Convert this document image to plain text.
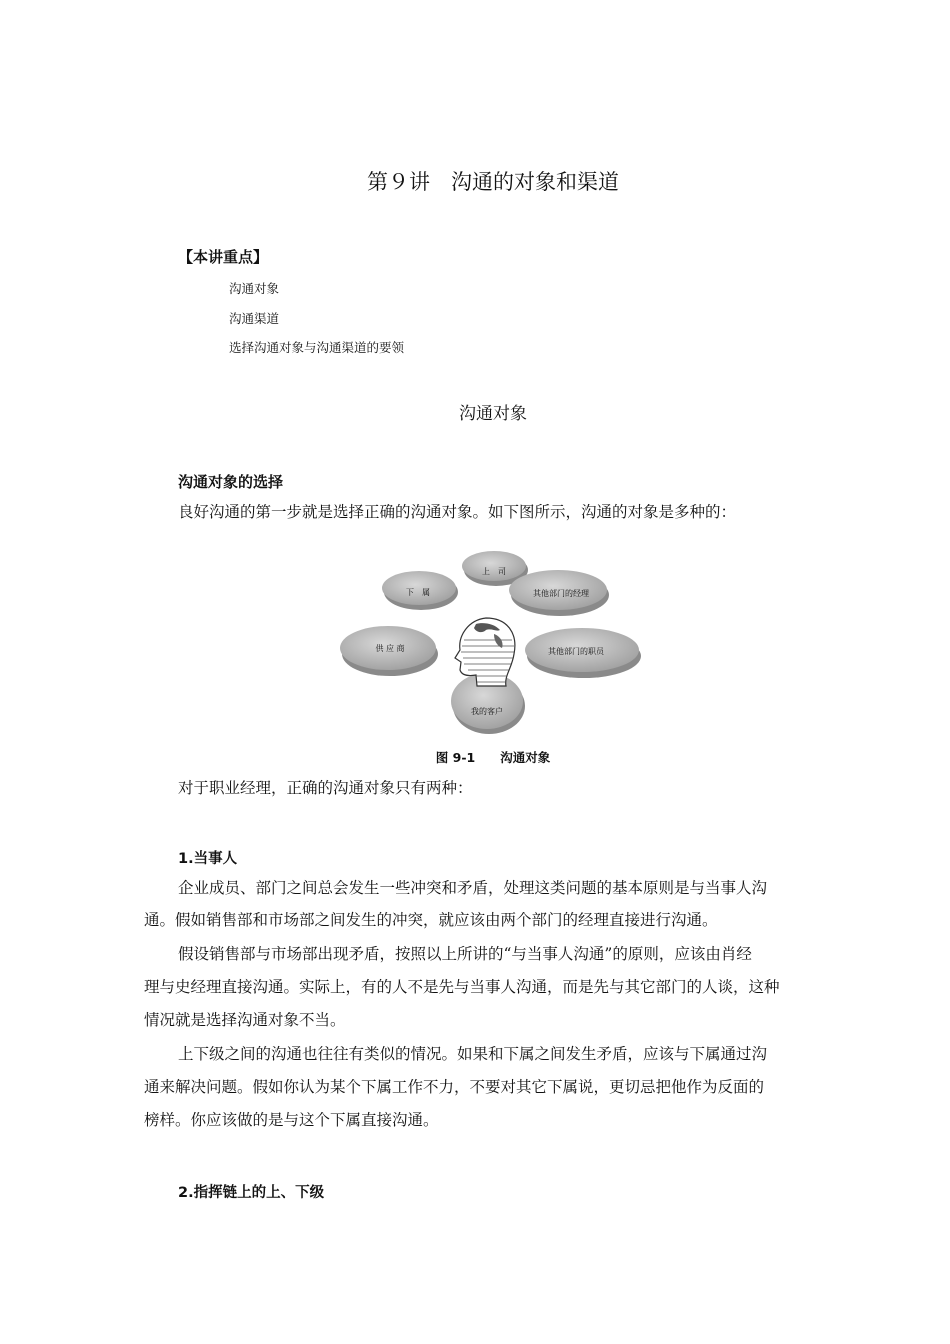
第９讲　沟通的对象和渠道
【本讲重点】
沟通对象
沟通渠道
选择沟通对象与沟通渠道的要领
沟通对象
沟通对象的选择
良好沟通的第一步就是选择正确的沟通对象。如下图所示，沟通的对象是多种的：
上　司
下　属	其他部门的经理
供 应 商	其他部门的职员
我的客户
图 9-1　　沟通对象
对于职业经理，正确的沟通对象只有两种：
1.当事人
企业成员、部门之间总会发生一些冲突和矛盾，处理这类问题的基本原则是与当事人沟
通。假如销售部和市场部之间发生的冲突，就应该由两个部门的经理直接进行沟通。
假设销售部与市场部出现矛盾，按照以上所讲的“与当事人沟通”的原则，应该由肖经
理与史经理直接沟通。实际上，有的人不是先与当事人沟通，而是先与其它部门的人谈，这种
情况就是选择沟通对象不当。
上下级之间的沟通也往往有类似的情况。如果和下属之间发生矛盾，应该与下属通过沟
通来解决问题。假如你认为某个下属工作不力，不要对其它下属说，更切忌把他作为反面的
榜样。你应该做的是与这个下属直接沟通。
2.指挥链上的上、下级
